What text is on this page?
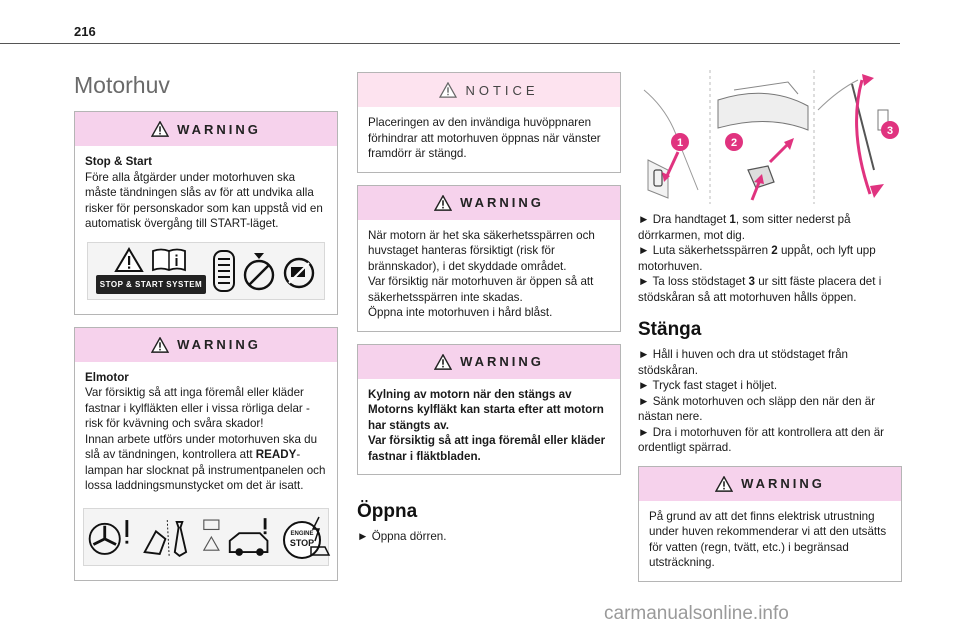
216
Motorhuv
WARNING

Stop & Start

Före alla åtgärder under motorhuven ska måste tändningen slås av för att undvika alla risker för personskador som kan uppstå vid en automatisk övergång till START-läget.

STOP & START SYSTEM
WARNING

Elmotor

Var försiktig så att inga föremål eller kläder fastnar i kylfläkten eller i vissa rörliga delar - risk för kvävning och svåra skador!
Innan arbete utförs under motorhuven ska du slå av tändningen, kontrollera att READY-lampan har slocknat på instrumentpanelen och lossa laddningsmunstycket om det är isatt.

ENGINE
STOP
NOTICE

Placeringen av den invändiga huvöppnaren förhindrar att motorhuven öppnas när vänster framdörr är stängd.

WARNING

När motorn är het ska säkerhetsspärren och huvstaget hanteras försiktigt (risk för brännskador), i det skyddade området.

Var försiktig när motorhuven är öppen så att säkerhetsspärren inte skadas.

Öppna inte motorhuven i hård blåst.

WARNING

Kylning av motorn när den stängs av Motorns kylfläkt kan starta efter att motorn har stängts av.
Var försiktig så att inga föremål eller kläder fastnar i fläktbladen.

Öppna

► Öppna dörren.

1	2
3

► Dra handtaget 1, som sitter nederst på dörrkarmen, mot dig.

► Luta säkerhetsspärren 2 uppåt, och lyft upp motorhuven.

► Ta loss stödstaget 3 ur sitt fäste placera det i stödskåran så att motorhuven hålls öppen.

Stänga

► Håll i huven och dra ut stödstaget från stödskåran.

► Tryck fast staget i höljet.

► Sänk motorhuven och släpp den när den är nästan nere.

► Dra i motorhuven för att kontrollera att den är ordentligt spärrad.

WARNING

På grund av att det finns elektrisk utrustning under huven rekommenderar vi att den utsätts för vatten (regn, tvätt, etc.) i begränsad utsträckning.

carmanualsonline.info
